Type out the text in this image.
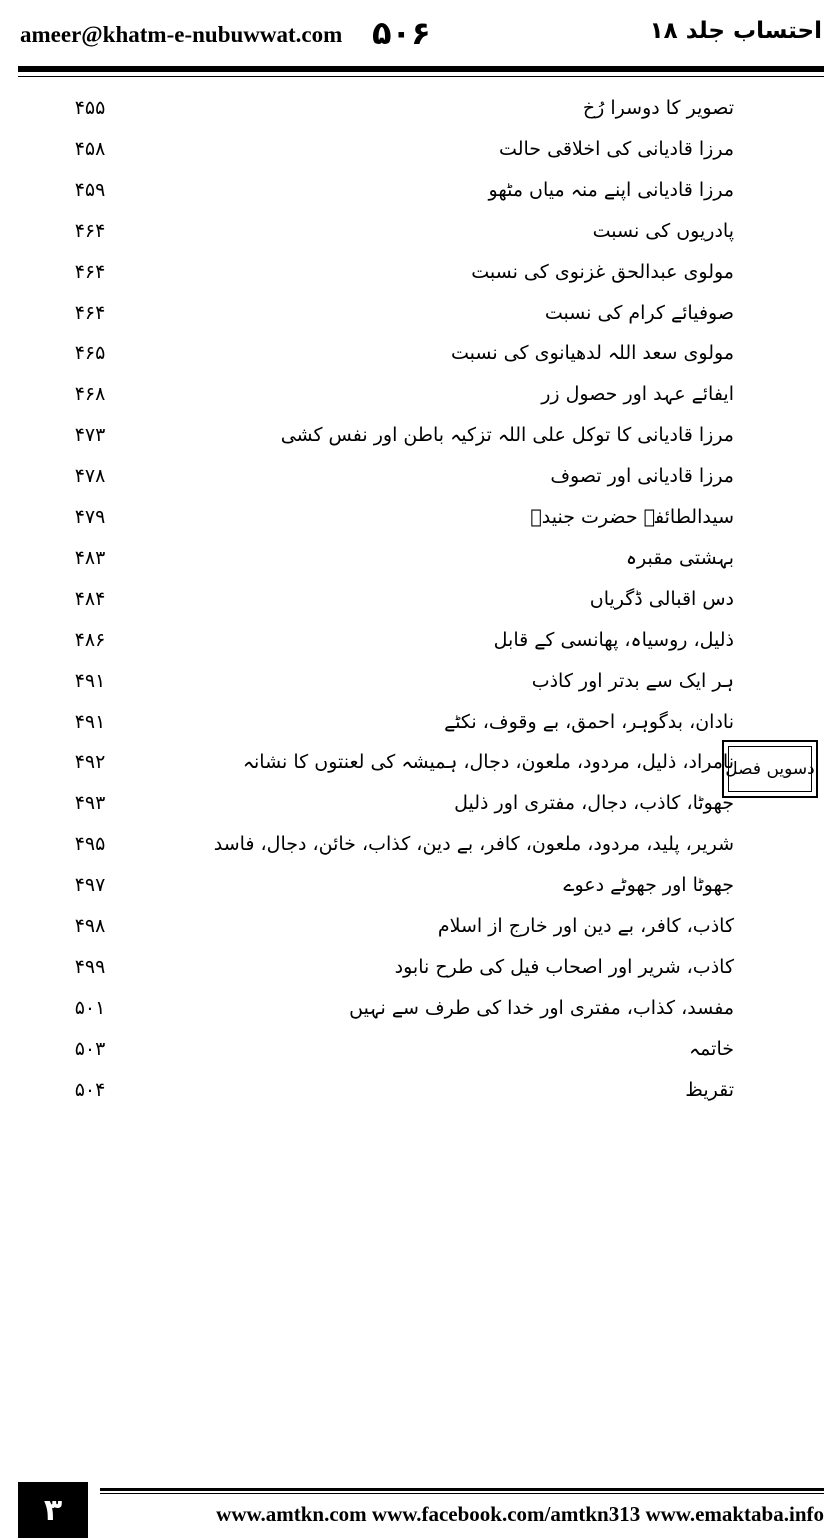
ameer@khatm-e-nubuwwat.com ۵۰۶	احتساب جلد ۱۸
تصویر کا دوسرا رُخ
۴۵۵
مرزا قادیانی کی اخلاقی حالت
۴۵۸
مرزا قادیانی اپنے منہ میاں مٹھو
۴۵۹
پادریوں کی نسبت
۴۶۴
مولوی عبدالحق غزنوی کی نسبت
۴۶۴
صوفیائے کرام کی نسبت
۴۶۴
مولوی سعد اللہ لدھیانوی کی نسبت
۴۶۵
ایفائے عہد اور حصول زر
۴۶۸
مرزا قادیانی کا توکل علی اللہ تزکیہ باطن اور نفس کشی
۴۷۳
مرزا قادیانی اور تصوف
۴۷۸
سیدالطائفہ حضرت جنیدؒ
۴۷۹
بہشتی مقبرہ
۴۸۳
دس اقبالی ڈگریاں
۴۸۴
ذلیل، روسیاہ، پھانسی کے قابل
۴۸۶
ہر ایک سے بدتر اور کاذب
۴۹۱
نادان، بدگوہر، احمق، بے وقوف، نکٹے
۴۹۱
نامراد، ذلیل، مردود، ملعون، دجال، ہمیشہ کی لعنتوں کا نشانہ
۴۹۲
جھوٹا، کاذب، دجال، مفتری اور ذلیل
۴۹۳
شریر، پلید، مردود، ملعون، کافر، بے دین، کذاب، خائن، دجال، فاسد
۴۹۵
جھوٹا اور جھوٹے دعوے
۴۹۷
کاذب، کافر، بے دین اور خارج از اسلام
۴۹۸
کاذب، شریر اور اصحاب فیل کی طرح نابود
۴۹۹
مفسد، کذاب، مفتری اور خدا کی طرف سے نہیں
۵۰۱
خاتمہ
۵۰۳
تقریظ
۵۰۴
دسویں فصل
۳	www.amtkn.com www.facebook.com/amtkn313 www.emaktaba.info
